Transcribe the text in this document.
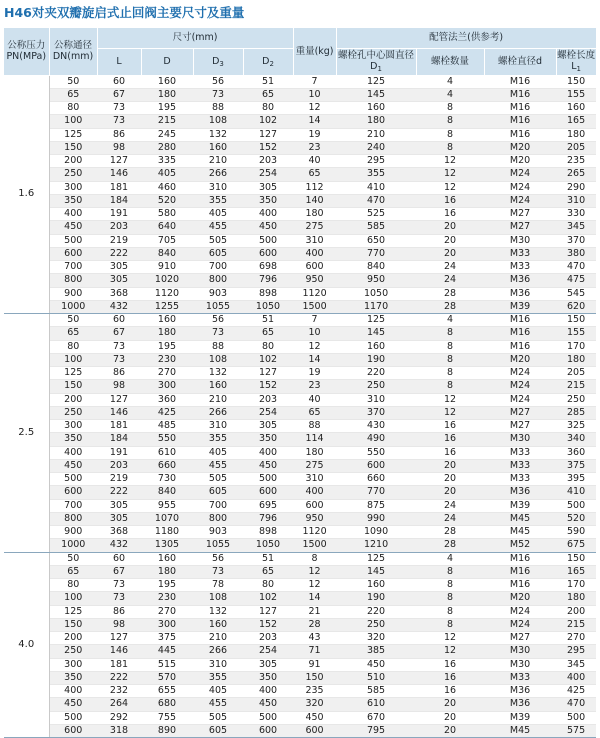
H46对夹双瓣旋启式止回阀主要尺寸及重量
公称压力 PN(MPa)	公称通径 DN(mm)	尺寸(mm)				重量(kg)	配管法兰(供参考)			
		L	D	$D_3$	$D_2$		螺栓孔中心圆直径$D_1$	螺栓数量	螺栓直径d	螺栓长度$L_1$
1.6	50	60	160	56	51	7	125	4	M16	150
	65	67	180	73	65	10	145	4	M16	155
	80	73	195	88	80	12	160	8	M16	160
	100	73	215	108	102	14	180	8	M16	165
	125	86	245	132	127	19	210	8	M16	180
	150	98	280	160	152	23	240	8	M20	205
	200	127	335	210	203	40	295	12	M20	235
	250	146	405	266	254	65	355	12	M24	265
	300	181	460	310	305	112	410	12	M24	290
	350	184	520	355	350	140	470	16	M24	310
	400	191	580	405	400	180	525	16	M27	330
	450	203	640	455	450	275	585	20	M27	345
	500	219	705	505	500	310	650	20	M30	370
	600	222	840	605	600	400	770	20	M33	380
	700	305	910	700	698	600	840	24	M33	470
	800	305	1020	800	796	950	950	24	M36	475
	900	368	1120	903	898	1120	1050	28	M36	545
	1000	432	1255	1055	1050	1500	1170	28	M39	620
2.5	50	60	160	56	51	7	125	4	M16	150
	65	67	180	73	65	10	145	8	M16	155
	80	73	195	88	80	12	160	8	M16	170
	100	73	230	108	102	14	190	8	M20	180
	125	86	270	132	127	19	220	8	M24	205
	150	98	300	160	152	23	250	8	M24	215
	200	127	360	210	203	40	310	12	M24	250
	250	146	425	266	254	65	370	12	M27	285
	300	181	485	310	305	88	430	16	M27	325
	350	184	550	355	350	114	490	16	M30	340
	400	191	610	405	400	180	550	16	M33	360
	450	203	660	455	450	275	600	20	M33	375
	500	219	730	505	500	310	660	20	M33	395
	600	222	840	605	600	400	770	20	M36	410
	700	305	955	700	695	600	875	24	M39	500
	800	305	1070	800	796	950	990	24	M45	520
	900	368	1180	903	898	1120	1090	28	M45	590
	1000	432	1305	1055	1050	1500	1210	28	M52	675
4.0	50	60	160	56	51	8	125	4	M16	150
	65	67	180	73	65	12	145	8	M16	165
	80	73	195	78	80	12	160	8	M16	170
	100	73	230	108	102	14	190	8	M20	180
	125	86	270	132	127	21	220	8	M24	200
	150	98	300	160	152	28	250	8	M24	215
	200	127	375	210	203	43	320	12	M27	270
	250	146	445	266	254	71	385	12	M30	295
	300	181	515	310	305	91	450	16	M30	345
	350	222	570	355	350	150	510	16	M33	400
	400	232	655	405	400	235	585	16	M36	425
	450	264	680	455	450	320	610	20	M36	470
	500	292	755	505	500	450	670	20	M39	500
	600	318	890	605	600	600	795	20	M45	575
